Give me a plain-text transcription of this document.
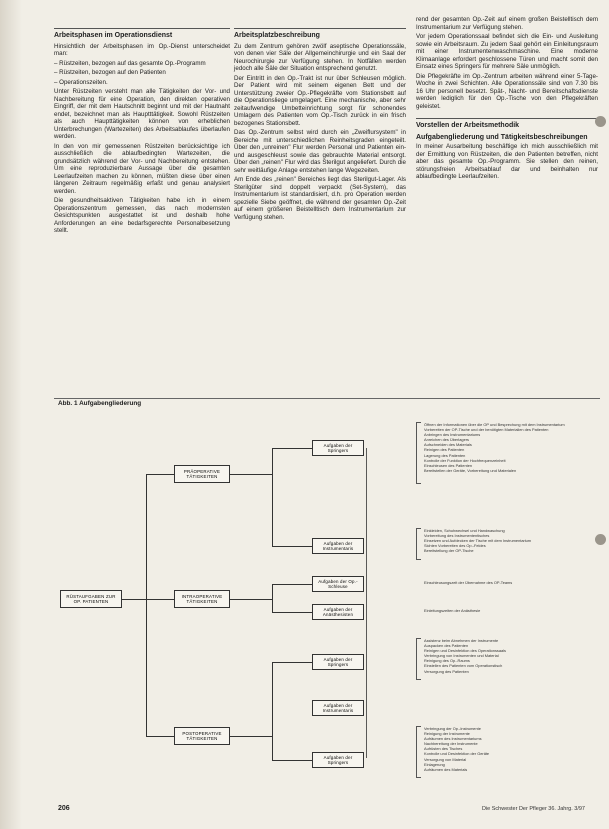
Arbeitsphasen im Operationsdienst

Hinsichtlich der Arbeitsphasen im Op.-Dienst unterscheidet man:

– Rüstzeiten, bezogen auf das gesamte Op.-Programm

– Rüstzeiten, bezogen auf den Patienten

– Operationszeiten.

Unter Rüstzeiten versteht man alle Tätigkeiten der Vor- und Nachbereitung für eine Operation, den direkten operativen Eingriff, der mit dem Hautschnitt beginnt und mit der Hautnaht endet, bezeichnet man als Hauptttätigkeit. Sowohl Rüstzeiten als auch Haupttätigkeiten können von erheblichen Unterbrechungen (Wartezeiten) des Arbeitsablaufes überlaufen werden.

In den von mir gemessenen Rüstzeiten berücksichtige ich ausschließlich die ablaufbedingten Wartezeiten, die grundsätzlich während der Vor- und Nachbereitung entstehen. Um eine reproduzierbare Aussage über die gesamten Leerlaufzeiten machen zu können, müßten diese über einen längeren Zeitraum regelmäßig erfaßt und genau analysiert werden.

Die gesundheitsaktiven Tätigkeiten habe ich in einem Operationszentrum gemessen, das nach modernsten Gesichtspunkten ausgestattet ist und deshalb hohe Anforderungen an eine bedarfsgerechte Personalbesetzung stellt.

Arbeitsplatzbeschreibung

Zu dem Zentrum gehören zwölf aseptische Operationssäle, von denen vier Säle der Allgemeinchirurgie und ein Saal der Neurochirurgie zur Verfügung stehen. In Notfällen werden jedoch alle Säle der Situation entsprechend genutzt.

Der Eintritt in den Op.-Trakt ist nur über Schleusen möglich. Der Patient wird mit seinem eigenen Bett und der Unterstützung zweier Op.-Pflegekräfte vom Stationsbett auf die Operationsliege umgelagert. Eine mechanische, aber sehr zeitaufwendige Umbetteinrichtung sorgt für schonendes Umlagern des Patienten vom Op.-Tisch zurück in ein frisch bezogenes Stationsbett.

Das Op.-Zentrum selbst wird durch ein „Zweiflursystem" in Bereiche mit unterschiedlichen Reinheitsgraden eingeteilt. Über den „unreinen" Flur werden Personal und Patienten ein- und ausgeschleust sowie das gebrauchte Material entsorgt. Über den „reinen" Flur wird das Sterilgut angeliefert. Durch die sehr weitläufige Anlage entstehen lange Wegezeiten.

Am Ende des „reinen" Bereiches liegt das Sterilgut-Lager. Als Sterilgüter sind doppelt verpackt (Set-System), das Instrumentarium ist standardisiert, d.h. pro Operation werden spezielle Siebe geöffnet, die während der gesamten Op.-Zeit auf einem größeren Beistelltisch dem Instrumentarium zur Verfügung stehen.

rend der gesamten Op.-Zeit auf einem großen Beistelltisch dem Instrumentarium zur Verfügung stehen.

Vor jedem Operationssaal befindet sich die Ein- und Ausleitung sowie ein Arbeitsraum. Zu jedem Saal gehört ein Einleitungsraum mit einer Instrumentenwaschmaschine. Eine moderne Klimaanlage erfordert geschlossene Türen und macht somit den Einsatz eines Springers für mehrere Säle unmöglich.

Die Pflegekräfte im Op.-Zentrum arbeiten während einer 5-Tage-Woche in zwei Schichten. Alle Operationssäle sind von 7.30 bis 16 Uhr personell besetzt. Spät-, Nacht- und Bereitschaftsdienste werden lediglich für den Op.-Tische von den Pflegekräften geleistet.

Vorstellen der Arbeitsmethodik
Aufgabengliederung und Tätigkeitsbeschreibungen

In meiner Ausarbeitung beschäftige ich mich ausschließlich mit der Ermittlung von Rüstzeiten, die den Patienten betreffen, nicht aber das gesamte Op.-Programm. Sie stellen den reinen, störungsfreien Arbeitsablauf dar und beinhalten nur ablaufbedingte Leerlaufzeiten.

Abb. 1 Aufgabengliederung
RÜSTAUFGABEN ZUR OP. PATIENTEN
PRÄOPERATIVE TÄTIGKEITEN
INTRAOPERATIVE TÄTIGKEITEN
POSTOPERATIVE TÄTIGKEITEN
Aufgaben der Springers
Aufgaben der Instrumentaris
Aufgaben der Op.-Schleuse
Aufgaben der Anästhesisten
Aufgaben der Springers
Aufgaben der Instrumentaris
Aufgaben der Springers
Öffnen der Informationen über die OP und Besprechung mit dem Instrumentarium
Vorbereiten der OP-Tische und der benötigten Materialien des Patienten
Anbringen des Instrumentariums
Anreichen des Überlagers
Aufschneiden des Materials
Reinigen des Patienten
Lagerung des Patienten
Kontrolle der Funktion der Hochfrequenzeinheit
Einschleusen des Patienten
Bereitstellen der Geräte, Vorbereitung und Materialen
Einkleiden, Schuhwechsel und Handwaschung
Vorbereitung des Instrumententisches
Einsetzen und Aufdecken der Tische mit dem Instrumentarium
Sichten Vorbereiten des Op.-Feldes
Bereitstellung der OP-Tische
Einschleusungszeit der Übernahme des OP-Teams
Einleitungszeiten der Anästhesie
Assistenz beim Abnehmen der Instrumente
Auspacken des Patienten
Reinigen und Desinfektion des Operationssaals
Verbringung von Instrumenten und Material
Reinigung des Op.-Raums
Einstellen des Patienten vom Operationstisch
Versorgung des Patienten
Verbringung der Op.-Instrumente
Reinigung der Instrumente
Aufräumen des Instrumentariums
Nachbereitung der Instrumente
Aufrüsten des Tisches
Kontrolle und Desinfektion der Geräte
Versorgung von Material
Einlagerung
Aufräumen des Materials
206	Die Schwester Der Pfleger 36. Jahrg. 3/97
